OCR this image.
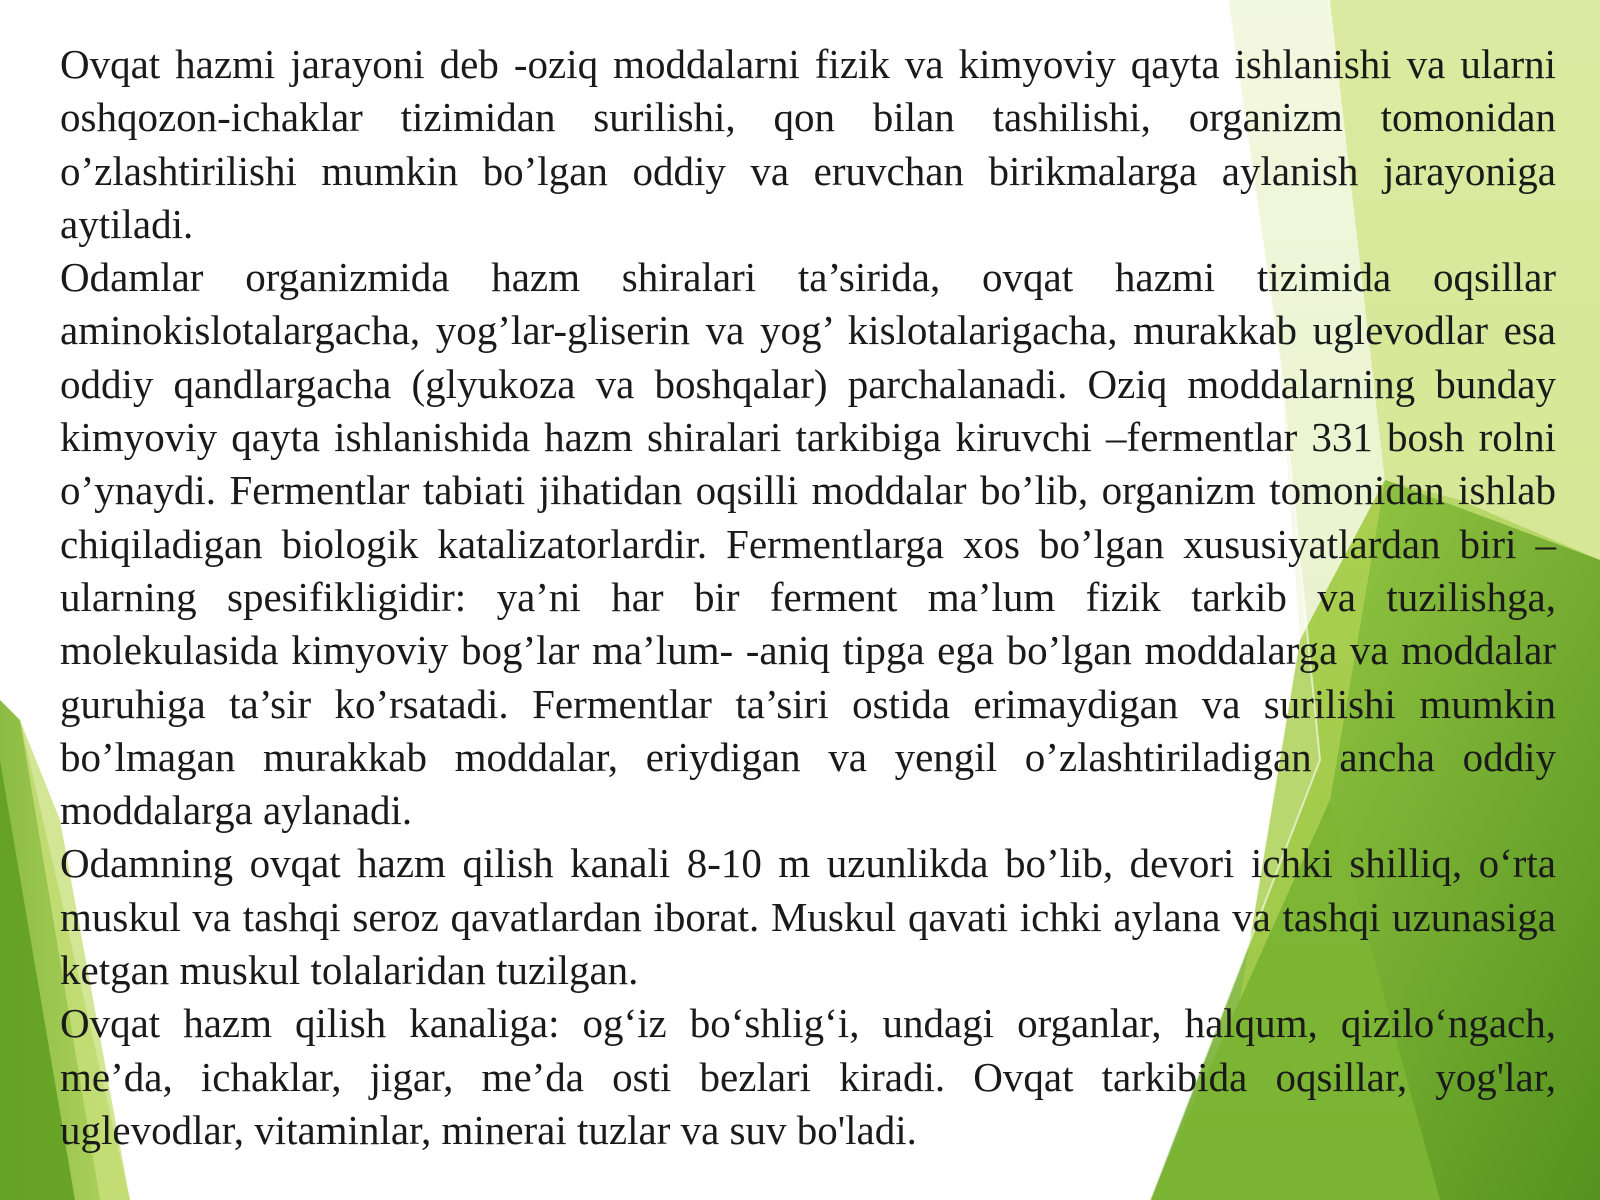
Ovqat hazmi jarayoni deb -oziq moddalarni fizik va kimyoviy qayta ishlanishi va ularni oshqozon-ichaklar tizimidan surilishi, qon bilan tashilishi, organizm tomonidan o’zlashtirilishi mumkin bo’lgan oddiy va eruvchan birikmalarga aylanish jarayoniga aytiladi.

Odamlar organizmida hazm shiralari ta’sirida, ovqat hazmi tizimida oqsillar aminokislotalargacha, yog’lar-gliserin va yog’ kislotalarigacha, murakkab uglevodlar esa oddiy qandlargacha (glyukoza va boshqalar) parchalanadi. Oziq moddalarning bunday kimyoviy qayta ishlanishida hazm shiralari tarkibiga kiruvchi –fermentlar 331 bosh rolni o’ynaydi. Fermentlar tabiati jihatidan oqsilli moddalar bo’lib, organizm tomonidan ishlab chiqiladigan biologik katalizatorlardir. Fermentlarga xos bo’lgan xususiyatlardan biri – ularning spesifikligidir: ya’ni har bir ferment ma’lum fizik tarkib va tuzilishga, molekulasida kimyoviy bog’lar ma’lum- -aniq tipga ega bo’lgan moddalarga va moddalar guruhiga ta’sir ko’rsatadi. Fermentlar ta’siri ostida erimaydigan va surilishi mumkin bo’lmagan murakkab moddalar, eriydigan va yengil o’zlashtiriladigan ancha oddiy moddalarga aylanadi.

Odamning ovqat hazm qilish kanali 8-10 m uzunlikda bo’lib, devori ichki shilliq, o‘rta muskul va tashqi seroz qavatlardan iborat. Muskul qavati ichki aylana va tashqi uzunasiga ketgan muskul tolalaridan tuzilgan.

Ovqat hazm qilish kanaliga: og‘iz bo‘shlig‘i, undagi organlar, halqum, qizilo‘ngach, me’da, ichaklar, jigar, me’da osti bezlari kiradi. Ovqat tarkibida oqsillar, yog'lar, uglevodlar, vitaminlar, minerai tuzlar va suv bo'ladi.
